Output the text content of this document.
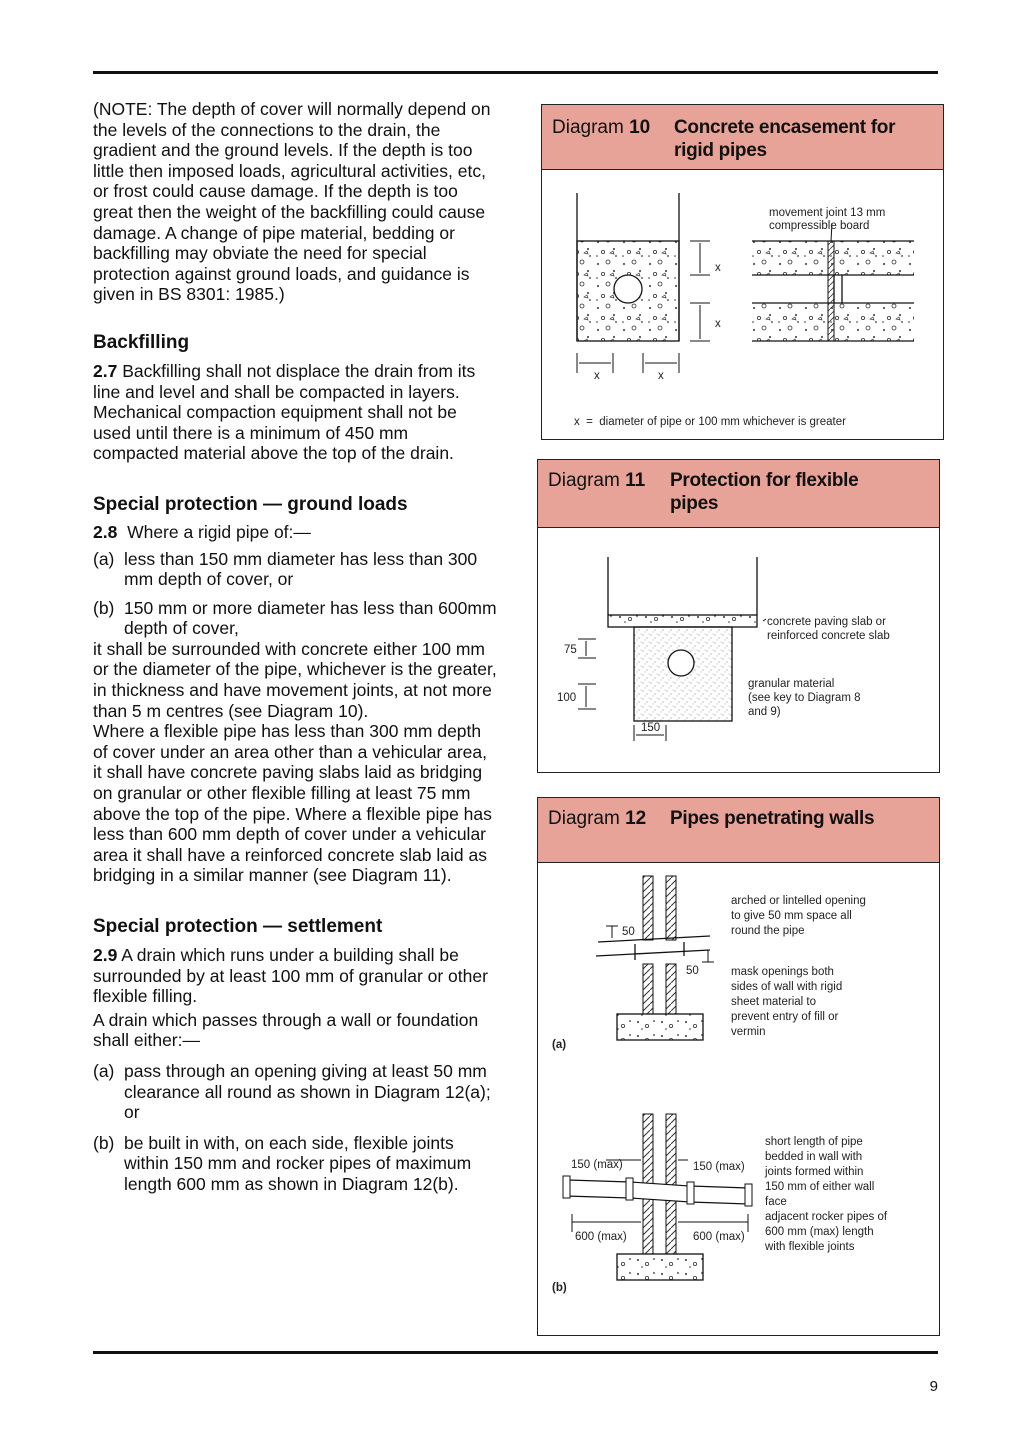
(NOTE: The depth of cover will normally depend on the levels of the connections to the drain, the gradient and the ground levels. If the depth is too little then imposed loads, agricultural activities, etc, or frost could cause damage. If the depth is too great then the weight of the backfilling could cause damage. A change of pipe material, bedding or backfilling may obviate the need for special protection against ground loads, and guidance is given in BS 8301: 1985.)

Backfilling

2.7 Backfilling shall not displace the drain from its line and level and shall be compacted in layers. Mechanical compaction equipment shall not be used until there is a minimum of 450 mm compacted material above the top of the drain.

Special protection — ground loads

2.8 Where a rigid pipe of:—

(a) less than 150 mm diameter has less than 300 mm depth of cover, or
(b) 150 mm or more diameter has less than 600mm depth of cover,

it shall be surrounded with concrete either 100 mm or the diameter of the pipe, whichever is the greater, in thickness and have movement joints, at not more than 5 m centres (see Diagram 10).

Where a flexible pipe has less than 300 mm depth of cover under an area other than a vehicular area, it shall have concrete paving slabs laid as bridging on granular or other flexible filling at least 75 mm above the top of the pipe. Where a flexible pipe has less than 600 mm depth of cover under a vehicular area it shall have a reinforced concrete slab laid as bridging in a similar manner (see Diagram 11).

Special protection — settlement

2.9 A drain which runs under a building shall be surrounded by at least 100 mm of granular or other flexible filling.

A drain which passes through a wall or foundation shall either:—

(a) pass through an opening giving at least 50 mm clearance all round as shown in Diagram 12(a); or
(b) be built in with, on each side, flexible joints within 150 mm and rocker pipes of maximum length 600 mm as shown in Diagram 12(b).
Diagram 10 Concrete encasement for rigid pipes
x
x
x	x
movement joint 13 mm
compressible board
x  =  diameter of pipe or 100 mm whichever is greater
Diagram 11 Protection for flexible pipes
concrete paving slab or
reinforced concrete slab
granular material
(see key to Diagram 8
and 9)
75
100
150
Diagram 12 Pipes penetrating walls
50
50
arched or lintelled opening
to give 50 mm space all
round the pipe
mask openings both
sides of wall with rigid
sheet material to
prevent entry of fill or
vermin
(a)
150 (max)	150 (max)
600 (max)	600 (max)
short length of pipe
bedded in wall with
joints formed within
150 mm of either wall
face
adjacent rocker pipes of
600 mm (max) length
with flexible joints
(b)
9
